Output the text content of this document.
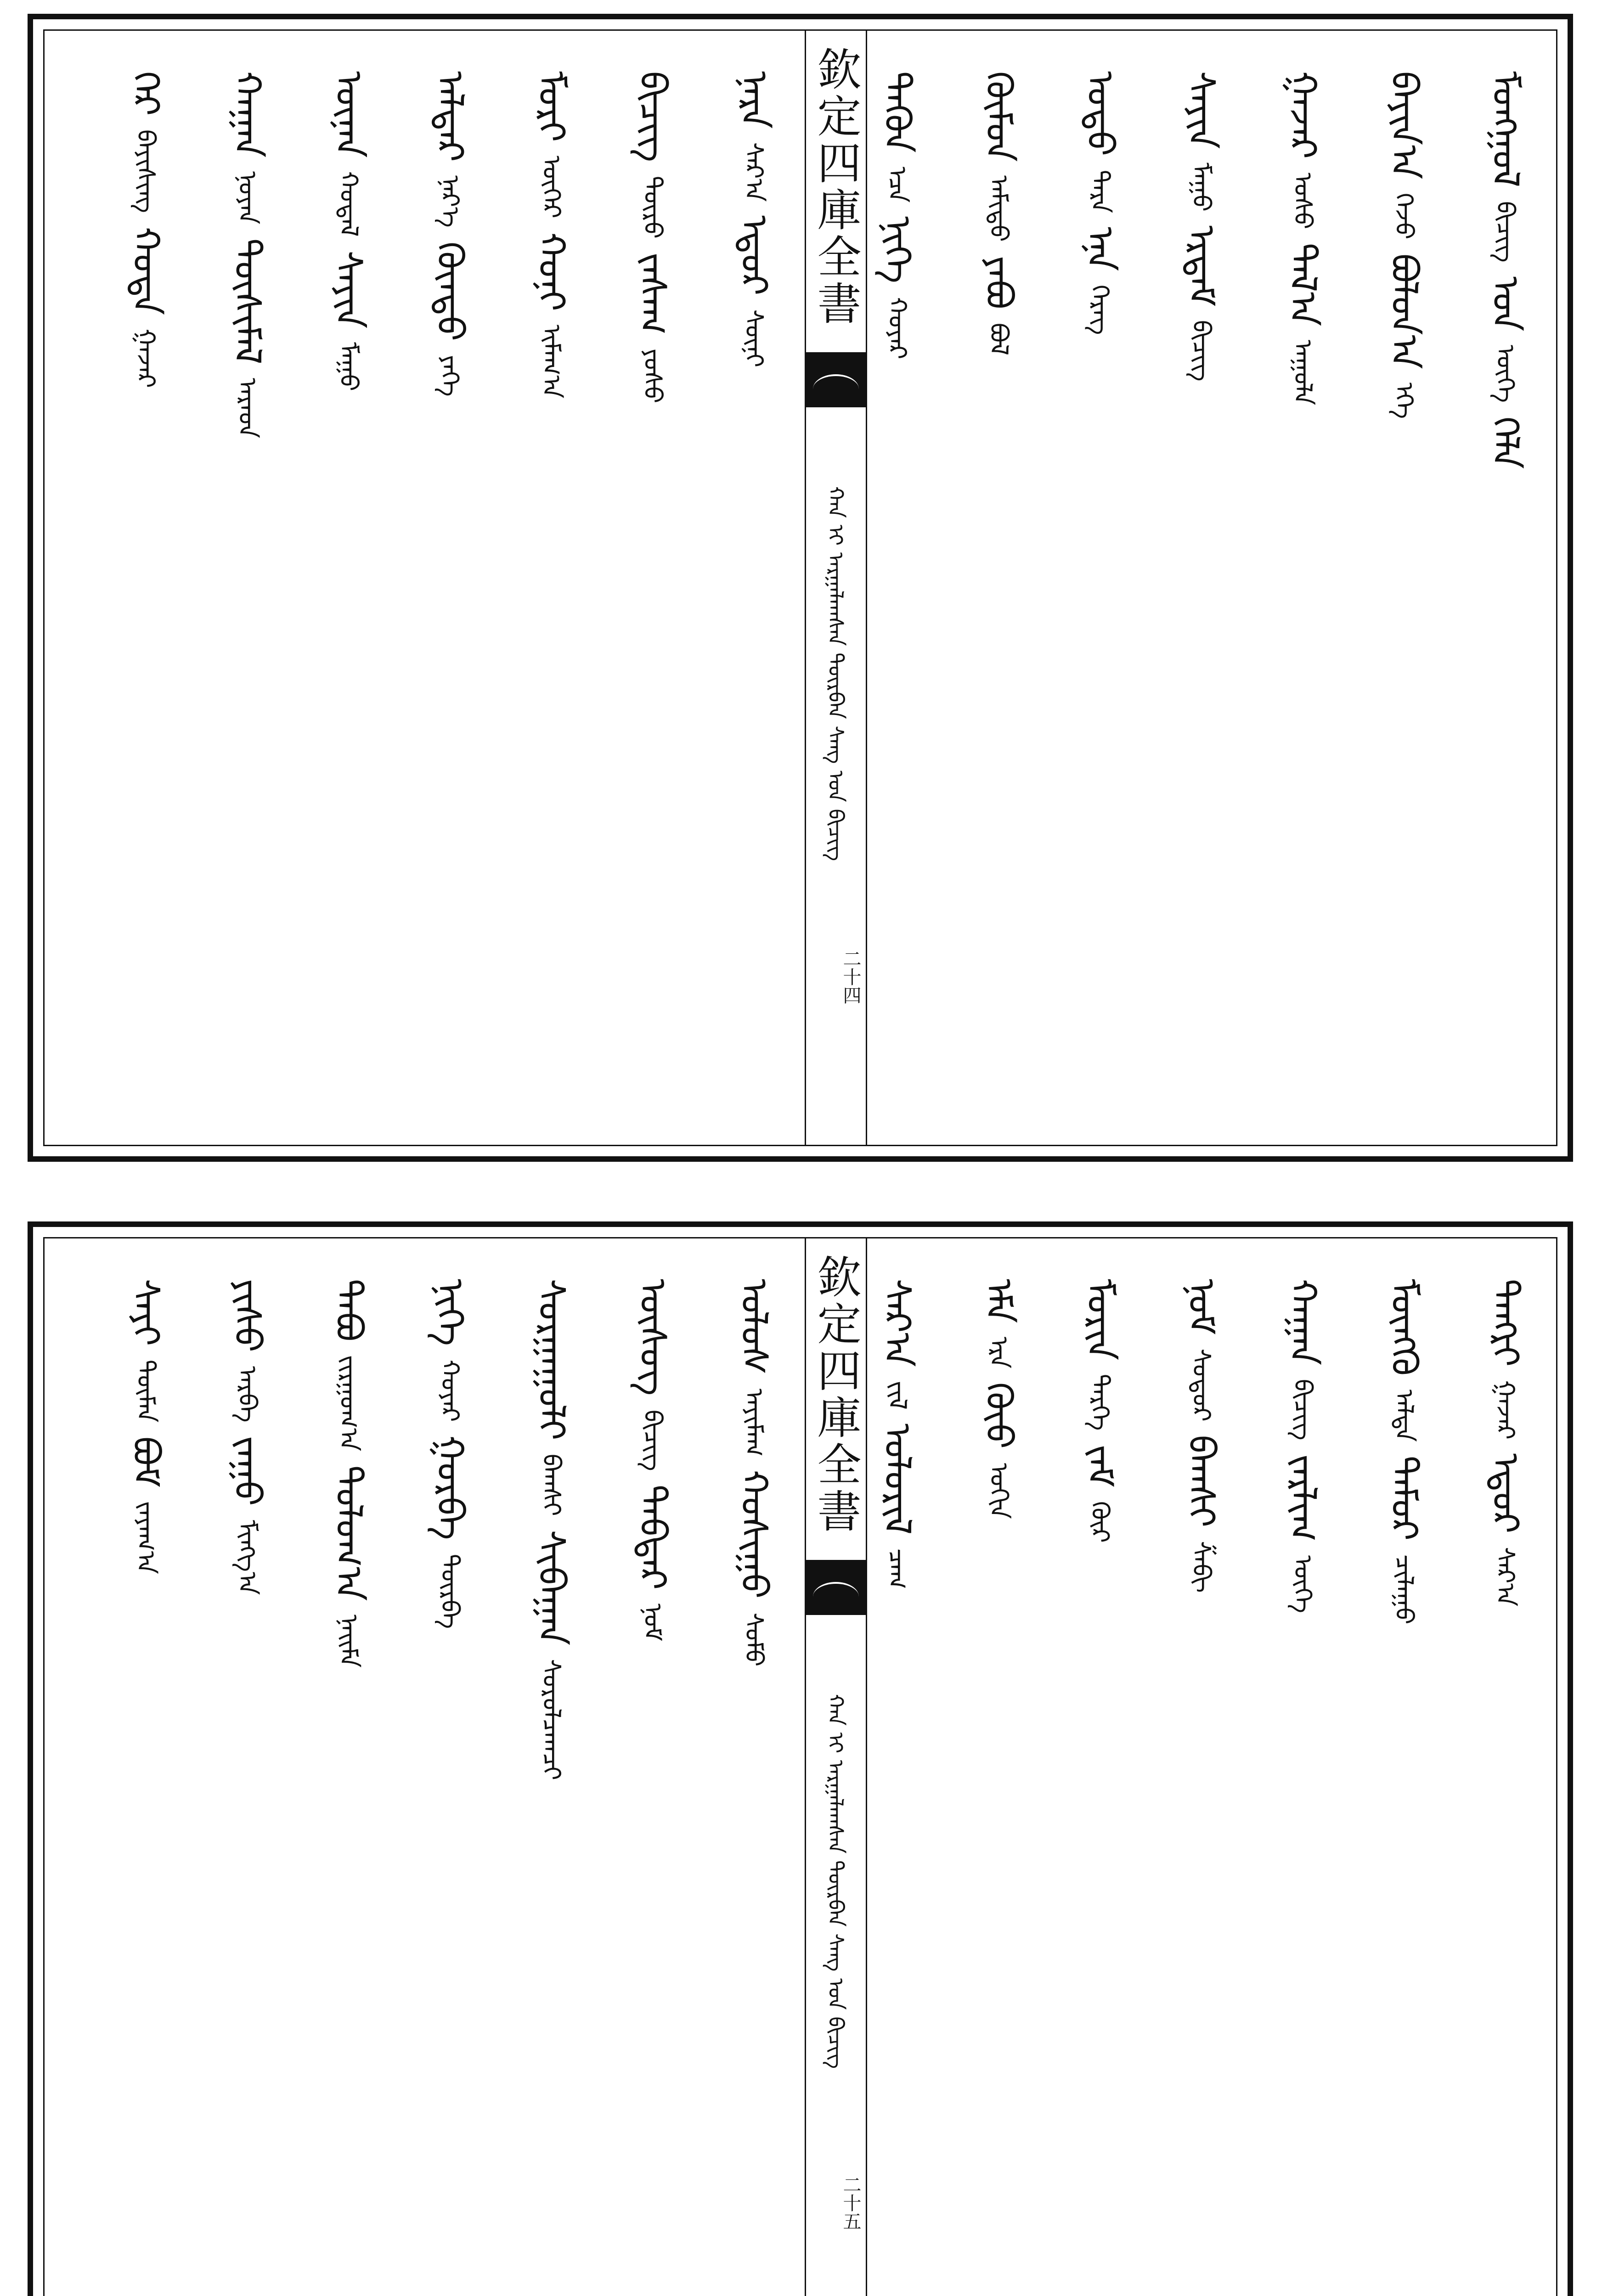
ᠨᠠᠷᠠ
ᠰᠠᠷ᠎ᠠ
ᠡᠳᠦᠷ
ᠰᠦᠨᠢ
ᠪᠢᠴᠢᠭ
ᠲᠦᠷᠦ
ᠵᠠᠰᠠᠭ
ᠶᠣᠰᠤ
ᠮᠣᠷᠢ
ᠦᠬᠡᠷ
ᠬᠣᠨᠢ
ᠢᠮᠠᠭ᠎ᠠ
ᠠᠯᠳᠠᠷ
ᠨᠡᠷ᠎ᠡ
ᠬᠦᠨᠳᠦ
ᠶᠡᠬᠡ
ᠦᠨᠡᠨ
ᠬᠣᠳᠠᠯ
ᠰᠠᠶᠢᠨ
ᠮᠠᠭᠤ
ᠬᠠᠭᠠᠨ
ᠨᠣᠶᠠᠨ
ᠲᠦᠰᠢᠮᠡᠯ
ᠠᠷᠠᠳ
ᠭᠡᠷ
ᠪᠠᠶᠢᠰᠢᠩ
ᠬᠣᠲᠠ
ᠭᠠᠵᠠᠷ
欽定四庫全書
ᠬᠠᠨ ᠢ ᠠᠷᠭᠠᠯᠠᠭᠰᠠᠨ ᠳᠦᠷᠪᠡᠨ ᠰᠠᠩ ᠤᠨ ᠪᠢᠴᠢᠭ
二十四
ᠮᠣᠩᠭᠣᠯ
ᠪᠢᠴᠢᠭ
ᠤᠨ
ᠦᠭᠡ
ᠬᠡᠯᠡ
ᠪᠠᠶᠢᠨ᠎ᠠ
ᠭᠡᠵᠦ
ᠪᠣᠯᠤᠨ᠎ᠠ
ᠡᠬᠡ
ᠭᠠᠵᠠᠷ
ᠤᠰᠤ
ᠲᠠᠯ᠎ᠠ
ᠠᠭᠤᠯᠠ
ᠰᠠᠶᠢᠨ
ᠮᠠᠭᠤ
ᠡᠷᠳᠡᠮ
ᠪᠢᠴᠢᠭ
ᠣᠳᠣ
ᠲᠡᠷᠡ
ᠡᠨᠡ
ᠬᠡᠷᠡᠭ
ᠬᠦᠮᠦᠨ
ᠠᠮᠢᠳᠤ
ᠶᠠᠪᠤ
ᠪᠣᠯ
ᠲᠡᠭᠦᠨ
ᠡᠴᠡ
ᠨᠢᠭᠡ
ᠬᠣᠶᠠᠷ
ᠤᠯᠤᠰ
ᠠᠶᠢᠮᠠᠭ
ᠬᠣᠰᠢᠭᠤ
ᠰᠤᠮᠤ
ᠦᠰᠦᠭ
ᠪᠢᠴᠢᠭ
ᠳᠡᠪᠲᠡᠷ
ᠨᠣᠮ
ᠰᠤᠷᠭᠠᠭᠤᠯᠢ
ᠪᠠᠭᠰᠢ
ᠰᠢᠪᠠᠭᠠᠨ
ᠰᠤᠷᠤᠯᠴᠠᠭᠴᠢ
ᠨᠢᠭᠡ
ᠬᠣᠶᠠᠷ
ᠭᠤᠷᠪᠠ
ᠳᠦᠷᠪᠡ
ᠲᠠᠪᠤ
ᠵᠢᠷᠭᠤᠭ᠎ᠠ
ᠳᠣᠯᠣᠭ᠎ᠠ
ᠨᠠᠢᠮᠠ
ᠶᠢᠰᠦ
ᠠᠷᠪᠠ
ᠵᠠᠭᠤ
ᠮᠢᠩᠭ᠎ᠠ
ᠰᠠᠶᠢ
ᠲᠦᠮᠡᠨ
ᠪᠤᠮ
ᠵᠠᠶᠠᠭ᠎ᠠ
欽定四庫全書
ᠬᠠᠨ ᠢ ᠠᠷᠭᠠᠯᠠᠭᠰᠠᠨ ᠳᠦᠷᠪᠡᠨ ᠰᠠᠩ ᠤᠨ ᠪᠢᠴᠢᠭ
二十五
ᠲᠡᠩᠷᠢ
ᠭᠠᠵᠠᠷ
ᠡᠳᠦᠷ
ᠰᠠᠷ᠎ᠠ
ᠮᠥᠩᠭᠦ
ᠠᠯᠲᠠ
ᠲᠡᠮᠦᠷ
ᠴᠢᠯᠠᠭᠤ
ᠬᠠᠭᠠᠨ
ᠪᠢᠴᠢᠭ
ᠵᠠᠷᠯᠢᠭ
ᠦᠭᠡ
ᠨᠣᠮ
ᠰᠤᠳᠤᠷ
ᠪᠠᠭᠰᠢ
ᠱᠠᠪᠢ
ᠮᠣᠷᠢᠨ
ᠲᠡᠷᠭᠡ
ᠵᠠᠮ
ᠭᠦᠷ
ᠡᠮᠡ
ᠡᠷᠡ
ᠬᠦᠦ
ᠣᠬᠢᠨ
ᠰᠠᠷ᠎ᠠ
ᠵᠢᠯ
ᠤᠯᠤᠷᠢᠯ
ᠴᠠᠭ
